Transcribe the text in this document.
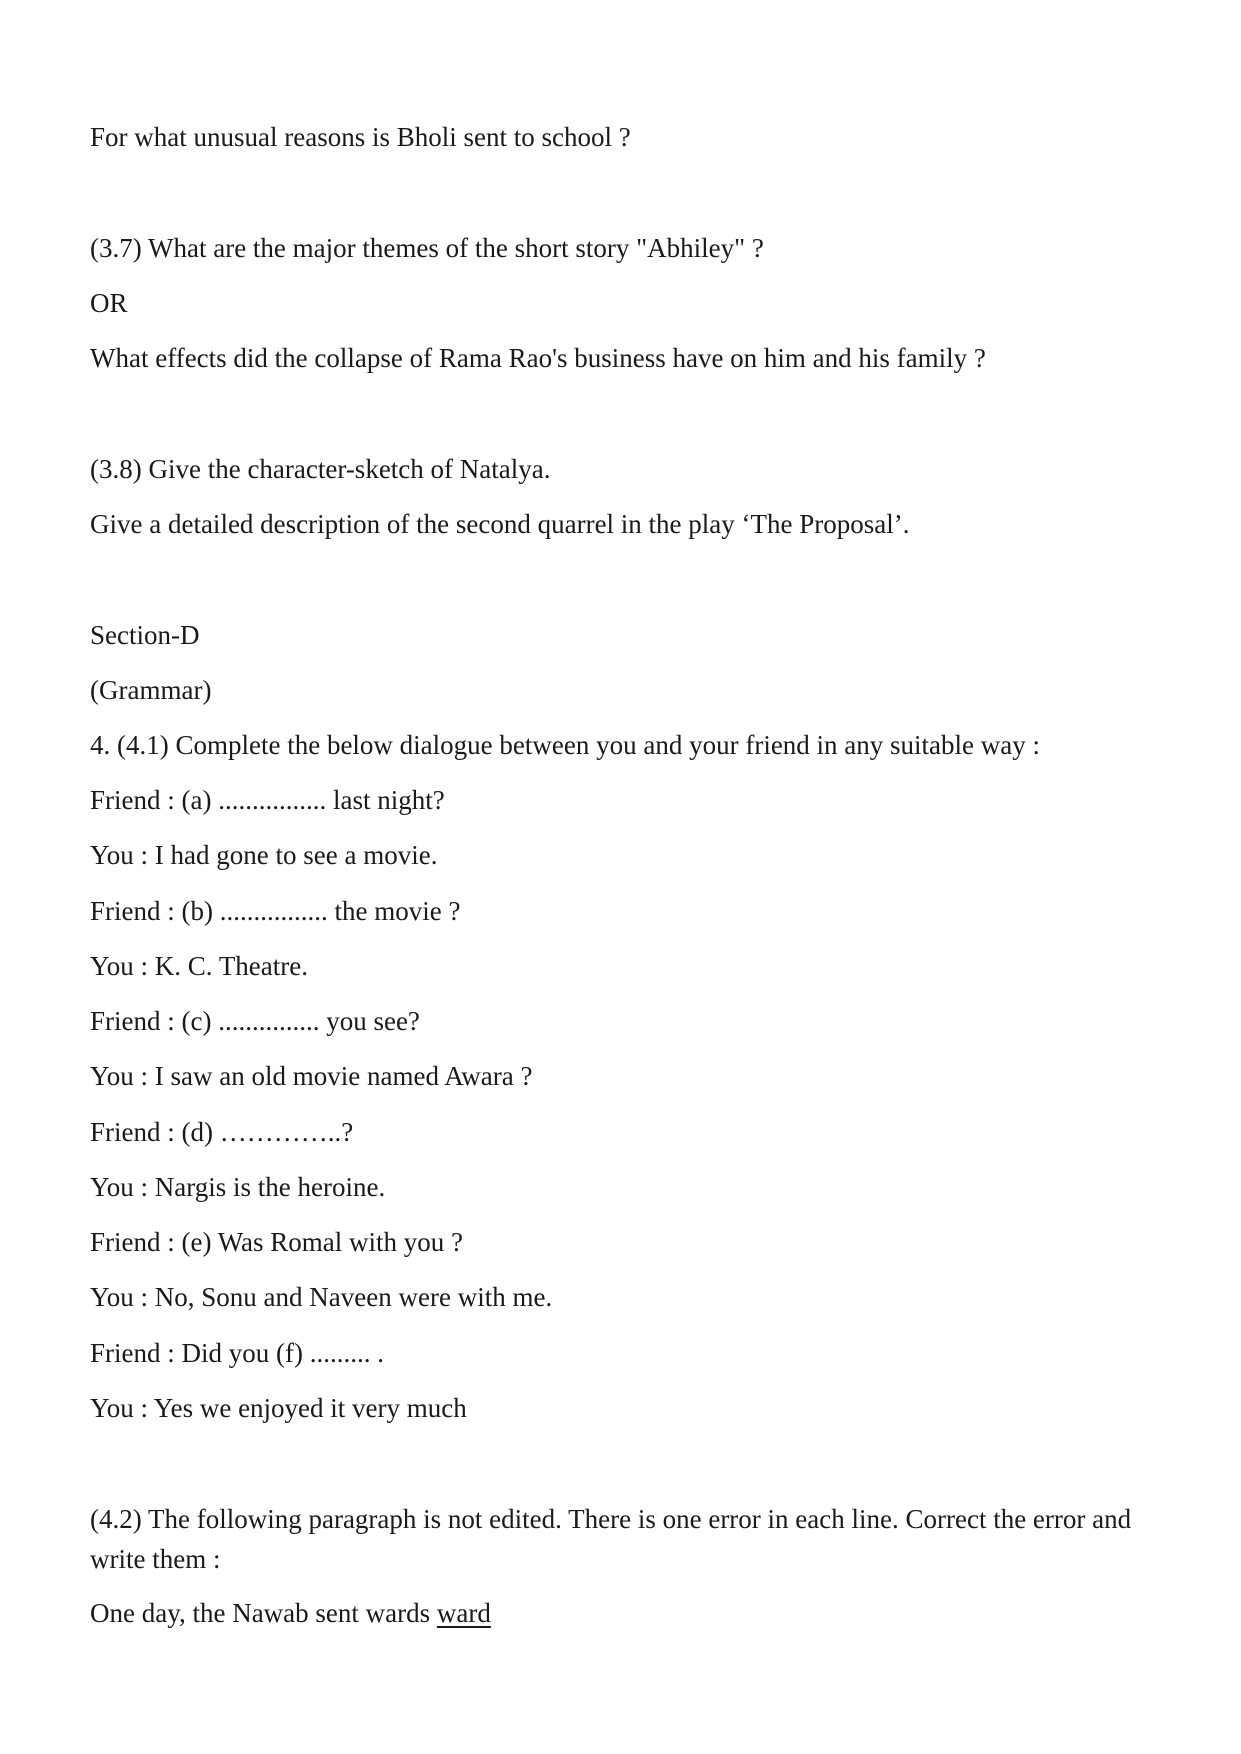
For what unusual reasons is Bholi sent to school ?
(3.7) What are the major themes of the short story "Abhiley" ?
OR
What effects did the collapse of Rama Rao's business have on him and his family ?
(3.8) Give the character-sketch of Natalya.
Give a detailed description of the second quarrel in the play ‘The Proposal’.
Section-D
(Grammar)
4. (4.1) Complete the below dialogue between you and your friend in any suitable way :
Friend : (a) ................ last night?
You : I had gone to see a movie.
Friend : (b) ................ the movie ?
You : K. C. Theatre.
Friend : (c) ............... you see?
You : I saw an old movie named Awara ?
Friend : (d) …………..?
You : Nargis is the heroine.
Friend : (e) Was Romal with you ?
You : No, Sonu and Naveen were with me.
Friend : Did you (f) ......... .
You : Yes we enjoyed it very much
(4.2) The following paragraph is not edited. There is one error in each line. Correct the error and write them :
One day, the Nawab sent wards ward
